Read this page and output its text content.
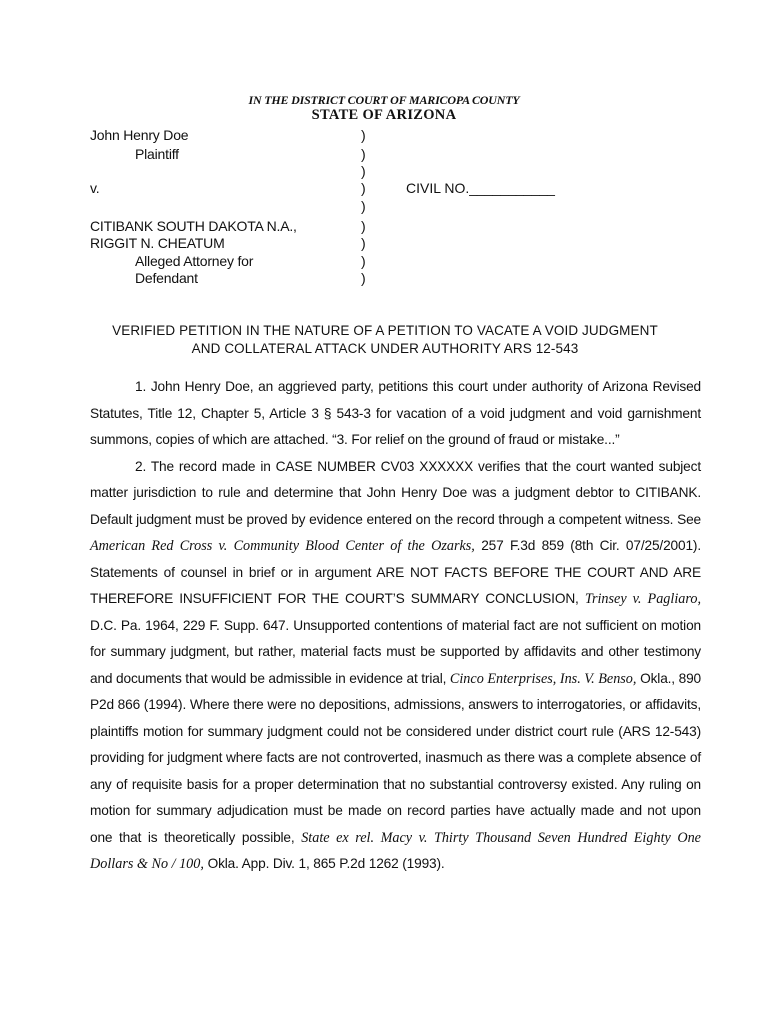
IN THE DISTRICT COURT OF MARICOPA COUNTY
STATE OF ARIZONA
John Henry Doe
Plaintiff
v.
CITIBANK SOUTH DAKOTA N.A.,
RIGGIT N. CHEATUM
Alleged Attorney for
Defendant
)
)
)
)
)
)
)
)
)
CIVIL NO.___________
VERIFIED PETITION IN THE NATURE OF A PETITION TO VACATE A VOID JUDGMENT
AND COLLATERAL ATTACK UNDER AUTHORITY ARS 12-543

1. John Henry Doe, an aggrieved party, petitions this court under authority of Arizona Revised Statutes, Title 12, Chapter 5, Article 3 § 543-3 for vacation of a void judgment and void garnishment summons, copies of which are attached. “3. For relief on the ground of fraud or mistake...”

2. The record made in CASE NUMBER CV03 XXXXXX verifies that the court wanted subject matter jurisdiction to rule and determine that John Henry Doe was a judgment debtor to CITIBANK. Default judgment must be proved by evidence entered on the record through a competent witness. See American Red Cross v. Community Blood Center of the Ozarks, 257 F.3d 859 (8th Cir. 07/25/2001). Statements of counsel in brief or in argument ARE NOT FACTS BEFORE THE COURT AND ARE THEREFORE INSUFFICIENT FOR THE COURT’S SUMMARY CONCLUSION, Trinsey v. Pagliaro, D.C. Pa. 1964, 229 F. Supp. 647. Unsupported contentions of material fact are not sufficient on motion for summary judgment, but rather, material facts must be supported by affidavits and other testimony and documents that would be admissible in evidence at trial, Cinco Enterprises, Ins. V. Benso, Okla., 890 P2d 866 (1994). Where there were no depositions, admissions, answers to interrogatories, or affidavits, plaintiffs motion for summary judgment could not be considered under district court rule (ARS 12-543) providing for judgment where facts are not controverted, inasmuch as there was a complete absence of any of requisite basis for a proper determination that no substantial controversy existed. Any ruling on motion for summary adjudication must be made on record parties have actually made and not upon one that is theoretically possible, State ex rel. Macy v. Thirty Thousand Seven Hundred Eighty One Dollars & No / 100, Okla. App. Div. 1, 865 P.2d 1262 (1993).
